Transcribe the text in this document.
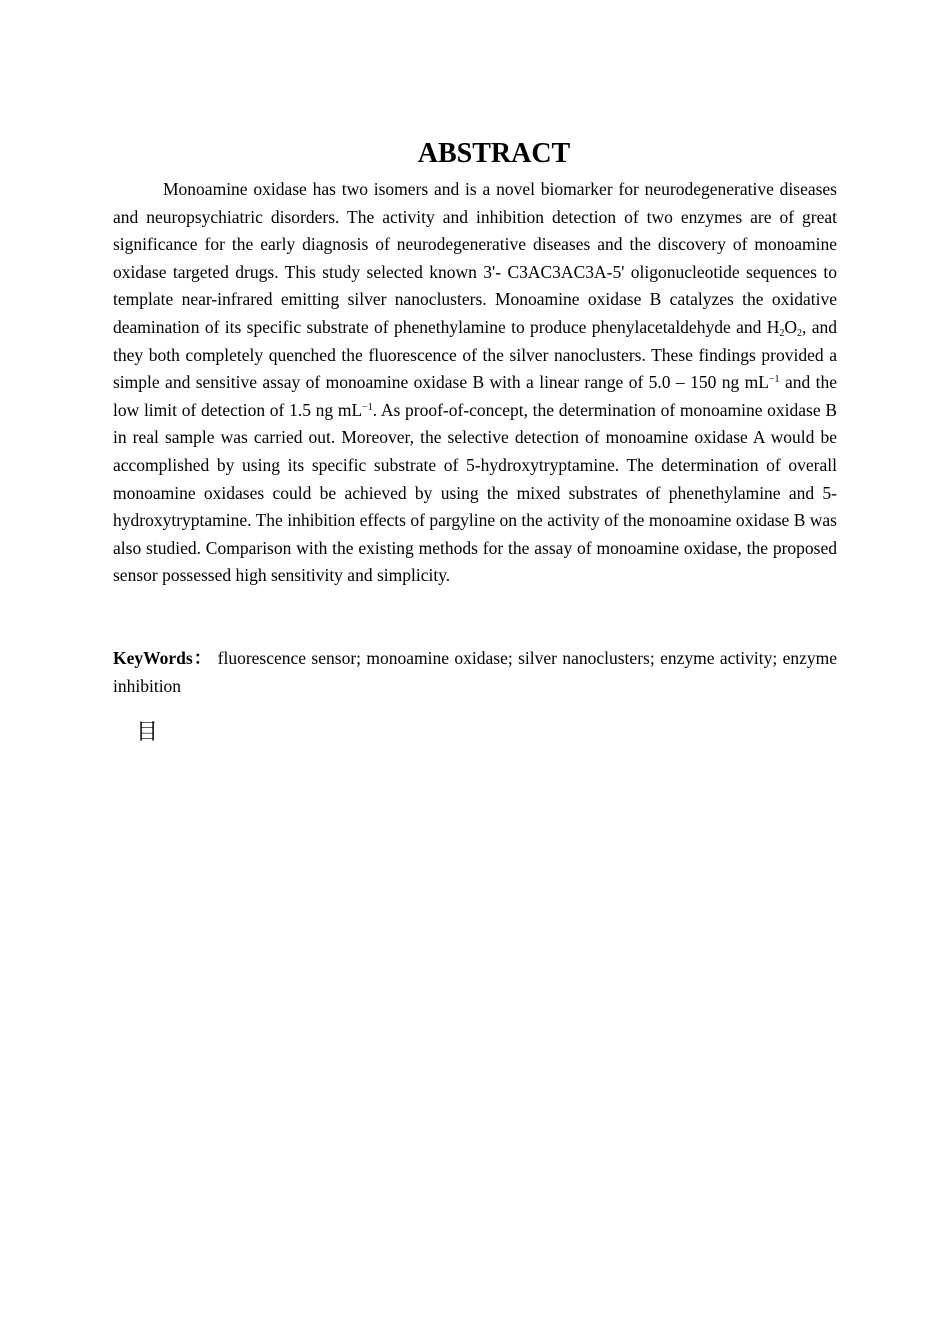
ABSTRACT

Monoamine oxidase has two isomers and is a novel biomarker for neurodegenerative diseases and neuropsychiatric disorders. The activity and inhibition detection of two enzymes are of great significance for the early diagnosis of neurodegenerative diseases and the discovery of monoamine oxidase targeted drugs. This study selected known 3'- C3AC3AC3A-5' oligonucleotide sequences to template near-infrared emitting silver nanoclusters. Monoamine oxidase B catalyzes the oxidative deamination of its specific substrate of phenethylamine to produce phenylacetaldehyde and $H_2O_2$, and they both completely quenched the fluorescence of the silver nanoclusters. These findings provided a simple and sensitive assay of monoamine oxidase B with a linear range of 5.0 – 150 ng $mL^{-1}$ and the low limit of detection of 1.5 ng $mL^{-1}$. As proof-of-concept, the determination of monoamine oxidase B in real sample was carried out. Moreover, the selective detection of monoamine oxidase A would be accomplished by using its specific substrate of 5-hydroxytryptamine. The determination of overall monoamine oxidases could be achieved by using the mixed substrates of phenethylamine and 5-hydroxytryptamine. The inhibition effects of pargyline on the activity of the monoamine oxidase B was also studied. Comparison with the existing methods for the assay of monoamine oxidase, the proposed sensor possessed high sensitivity and simplicity.

KeyWords： fluorescence sensor; monoamine oxidase; silver nanoclusters; enzyme activity; enzyme inhibition

目
